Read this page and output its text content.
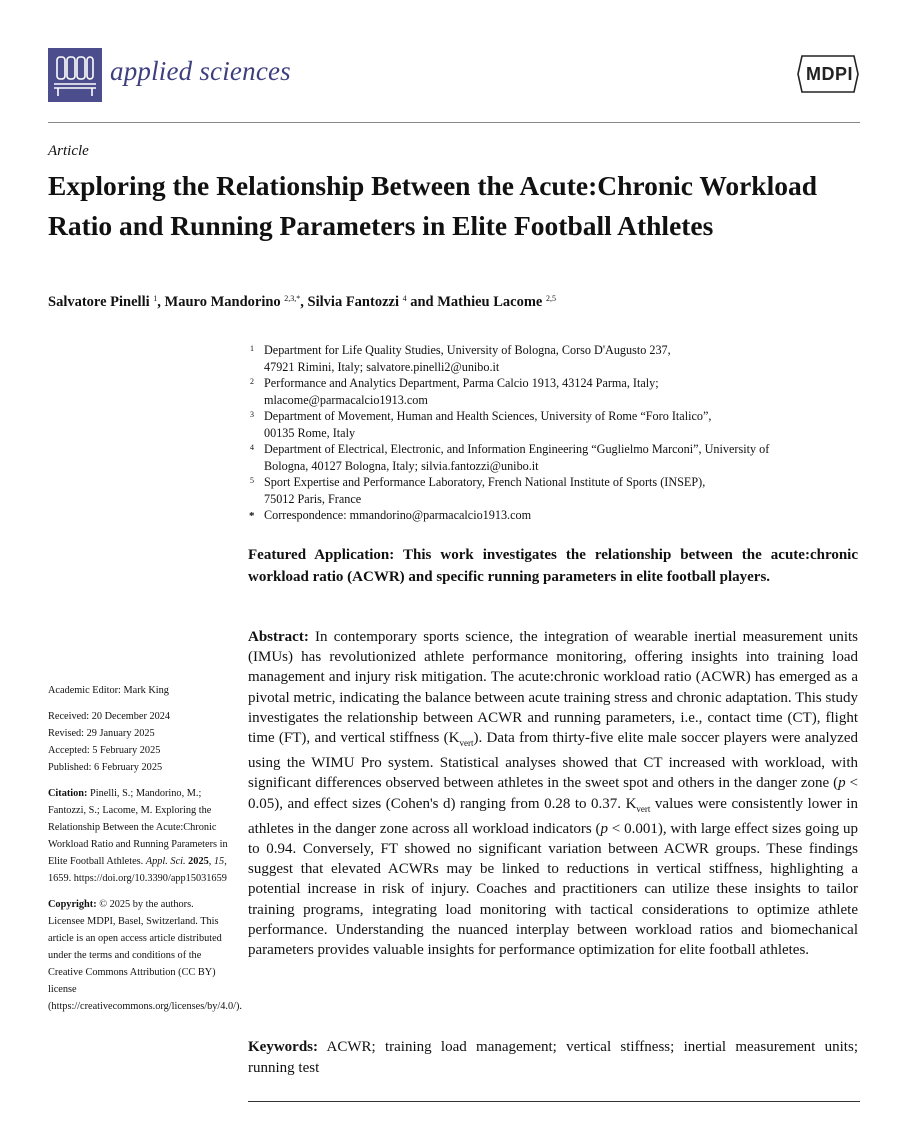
applied sciences	MDPI
Article
Exploring the Relationship Between the Acute:Chronic Workload Ratio and Running Parameters in Elite Football Athletes
Salvatore Pinelli $^1$, Mauro Mandorino $^{2,3,*}$, Silvia Fantozzi $^4$ and Mathieu Lacome $^{2,5}$
1 Department for Life Quality Studies, University of Bologna, Corso D'Augusto 237,
47921 Rimini, Italy; salvatore.pinelli2@unibo.it
2 Performance and Analytics Department, Parma Calcio 1913, 43124 Parma, Italy;
mlacome@parmacalcio1913.com
3 Department of Movement, Human and Health Sciences, University of Rome “Foro Italico”,
00135 Rome, Italy
4 Department of Electrical, Electronic, and Information Engineering “Guglielmo Marconi”, University of
Bologna, 40127 Bologna, Italy; silvia.fantozzi@unibo.it
5 Sport Expertise and Performance Laboratory, French National Institute of Sports (INSEP),
75012 Paris, France
* Correspondence: mmandorino@parmacalcio1913.com
Featured Application: This work investigates the relationship between the acute:chronic workload ratio (ACWR) and specific running parameters in elite football players.
Abstract: In contemporary sports science, the integration of wearable inertial measurement units (IMUs) has revolutionized athlete performance monitoring, offering insights into training load management and injury risk mitigation. The acute:chronic workload ratio (ACWR) has emerged as a pivotal metric, indicating the balance between acute training stress and chronic adaptation. This study investigates the relationship between ACWR and running parameters, i.e., contact time (CT), flight time (FT), and vertical stiffness $(K_{vert})$. Data from thirty-five elite male soccer players were analyzed using the WIMU Pro system. Statistical analyses showed that CT increased with workload, with significant differences observed between athletes in the sweet spot and others in the danger zone (p < 0.05), and effect sizes (Cohen's d) ranging from 0.28 to 0.37. $K_{vert}$ values were consistently lower in athletes in the danger zone across all workload indicators (p < 0.001), with large effect sizes going up to 0.94. Conversely, FT showed no significant variation between ACWR groups. These findings suggest that elevated ACWRs may be linked to reductions in vertical stiffness, highlighting a potential increase in risk of injury. Coaches and practitioners can utilize these insights to tailor training programs, integrating load monitoring with tactical considerations to optimize athlete performance. Understanding the nuanced interplay between workload ratios and biomechanical parameters provides valuable insights for performance optimization for elite football athletes.
Keywords: ACWR; training load management; vertical stiffness; inertial measurement units; running test

Academic Editor: Mark King

Received: 20 December 2024

Revised: 29 January 2025

Accepted: 5 February 2025

Published: 6 February 2025

Citation: Pinelli, S.; Mandorino, M.; Fantozzi, S.; Lacome, M. Exploring the Relationship Between the Acute:Chronic Workload Ratio and Running Parameters in Elite Football Athletes. Appl. Sci. 2025, 15, 1659. https://doi.org/10.3390/app15031659

Copyright: © 2025 by the authors. Licensee MDPI, Basel, Switzerland. This article is an open access article distributed under the terms and conditions of the Creative Commons Attribution (CC BY) license (https://creativecommons.org/licenses/by/4.0/).
